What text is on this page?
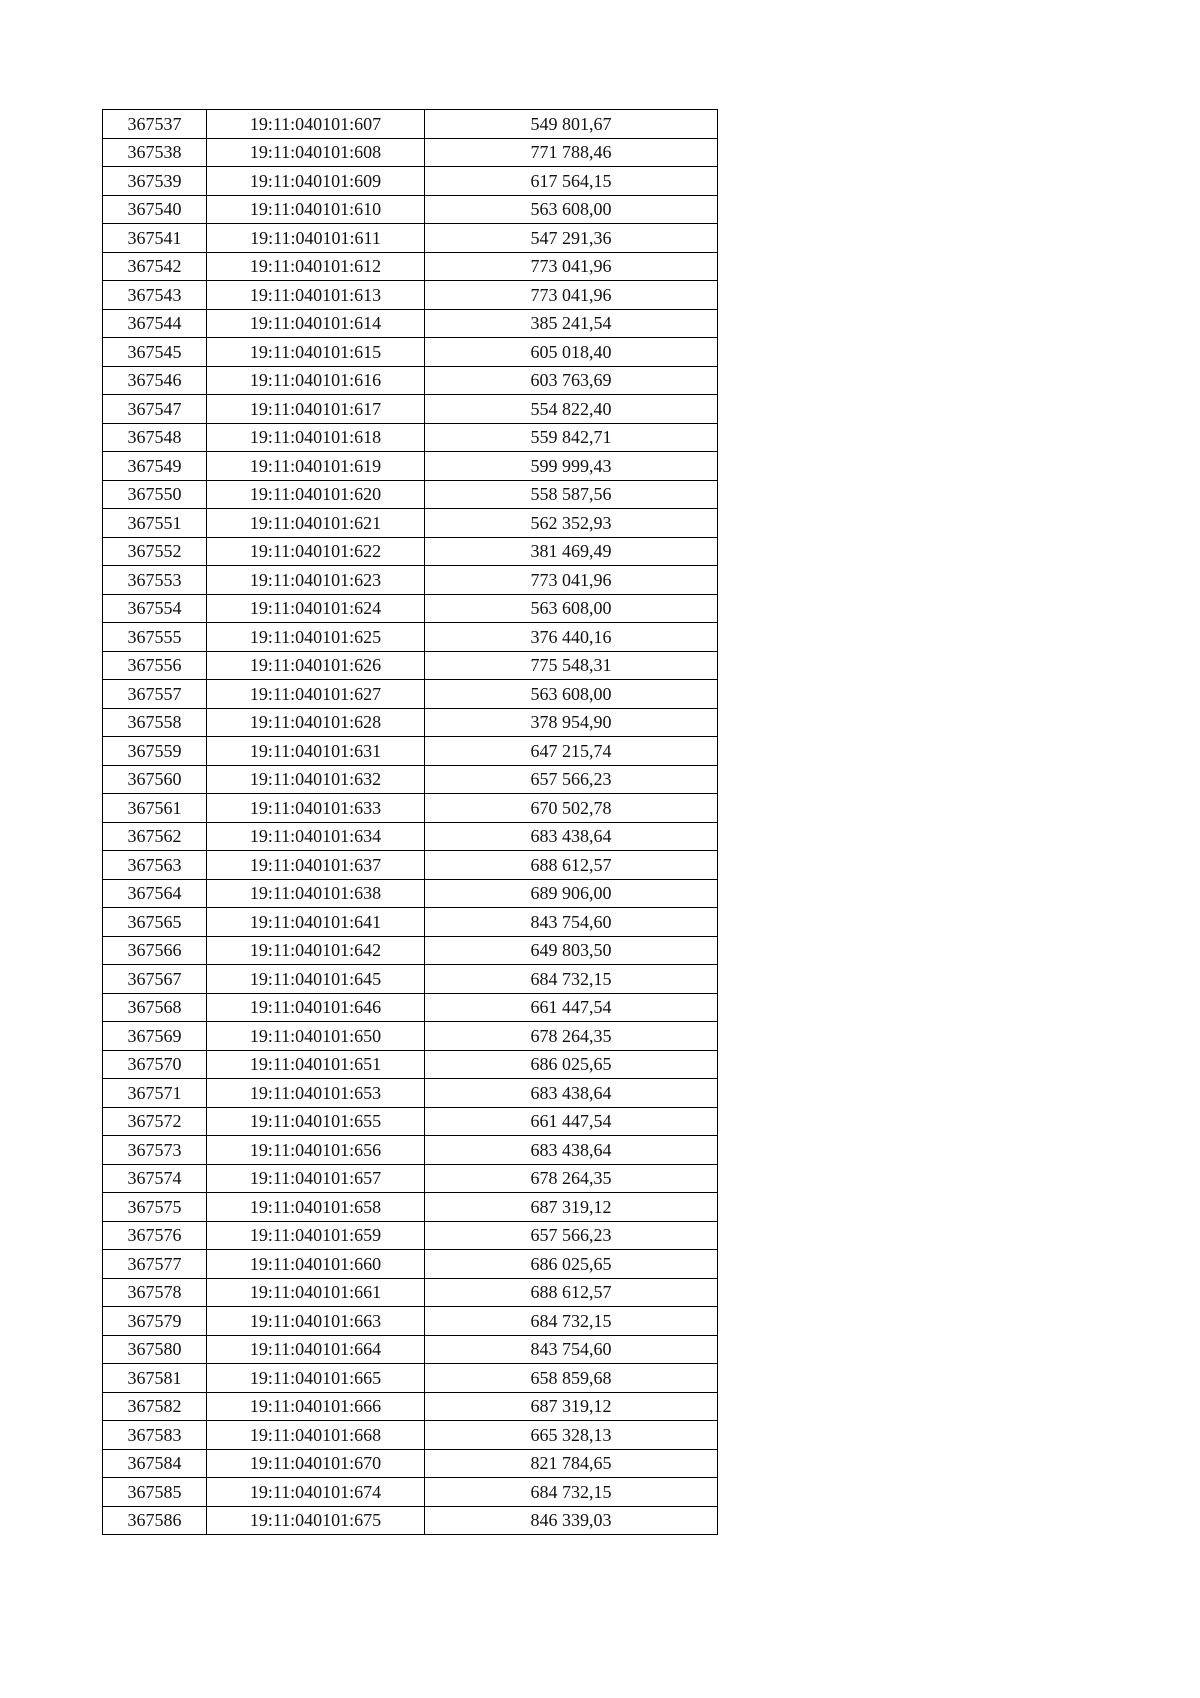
367537	19:11:040101:607	549 801,67
367538	19:11:040101:608	771 788,46
367539	19:11:040101:609	617 564,15
367540	19:11:040101:610	563 608,00
367541	19:11:040101:611	547 291,36
367542	19:11:040101:612	773 041,96
367543	19:11:040101:613	773 041,96
367544	19:11:040101:614	385 241,54
367545	19:11:040101:615	605 018,40
367546	19:11:040101:616	603 763,69
367547	19:11:040101:617	554 822,40
367548	19:11:040101:618	559 842,71
367549	19:11:040101:619	599 999,43
367550	19:11:040101:620	558 587,56
367551	19:11:040101:621	562 352,93
367552	19:11:040101:622	381 469,49
367553	19:11:040101:623	773 041,96
367554	19:11:040101:624	563 608,00
367555	19:11:040101:625	376 440,16
367556	19:11:040101:626	775 548,31
367557	19:11:040101:627	563 608,00
367558	19:11:040101:628	378 954,90
367559	19:11:040101:631	647 215,74
367560	19:11:040101:632	657 566,23
367561	19:11:040101:633	670 502,78
367562	19:11:040101:634	683 438,64
367563	19:11:040101:637	688 612,57
367564	19:11:040101:638	689 906,00
367565	19:11:040101:641	843 754,60
367566	19:11:040101:642	649 803,50
367567	19:11:040101:645	684 732,15
367568	19:11:040101:646	661 447,54
367569	19:11:040101:650	678 264,35
367570	19:11:040101:651	686 025,65
367571	19:11:040101:653	683 438,64
367572	19:11:040101:655	661 447,54
367573	19:11:040101:656	683 438,64
367574	19:11:040101:657	678 264,35
367575	19:11:040101:658	687 319,12
367576	19:11:040101:659	657 566,23
367577	19:11:040101:660	686 025,65
367578	19:11:040101:661	688 612,57
367579	19:11:040101:663	684 732,15
367580	19:11:040101:664	843 754,60
367581	19:11:040101:665	658 859,68
367582	19:11:040101:666	687 319,12
367583	19:11:040101:668	665 328,13
367584	19:11:040101:670	821 784,65
367585	19:11:040101:674	684 732,15
367586	19:11:040101:675	846 339,03
